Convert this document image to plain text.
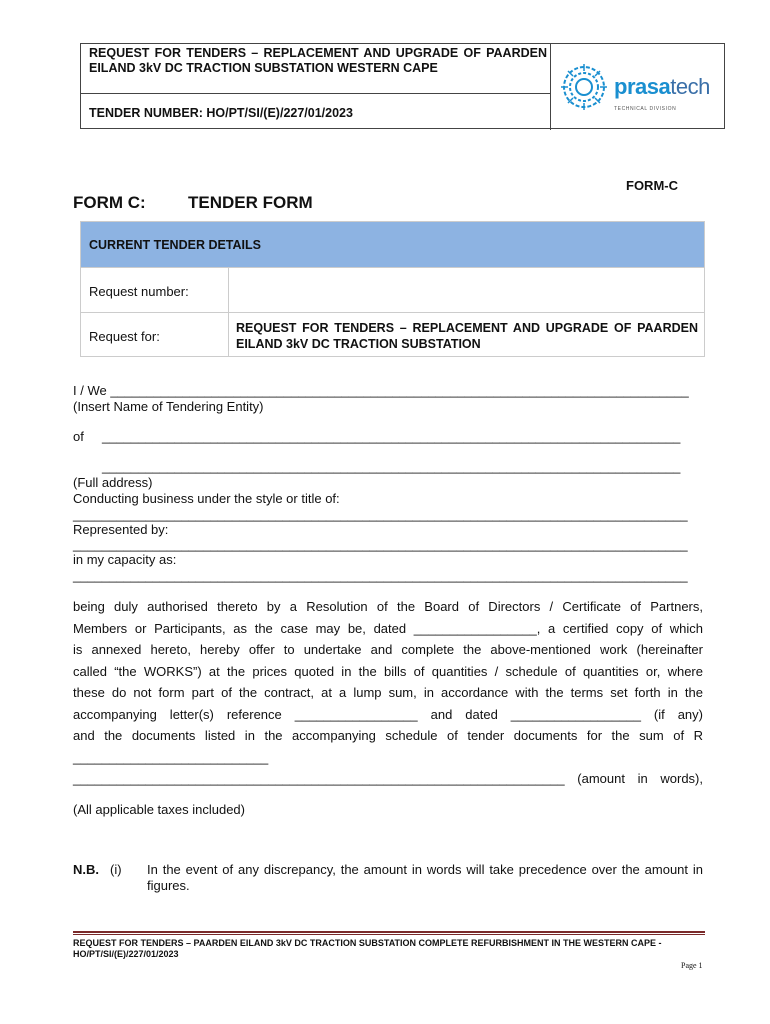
REQUEST FOR TENDERS – REPLACEMENT AND UPGRADE OF PAARDEN EILAND 3kV DC TRACTION SUBSTATION WESTERN CAPE
TENDER NUMBER: HO/PT/SI/(E)/227/01/2023
prasatech
TECHNICAL DIVISION
FORM-C
FORM C: TENDER FORM
CURRENT TENDER DETAILS
Request number:
Request for:
REQUEST FOR TENDERS – REPLACEMENT AND UPGRADE OF PAARDEN EILAND 3kV DC TRACTION SUBSTATION
I / We ________________________________________________________________________________
(Insert Name of Tendering Entity)
of ________________________________________________________________________________
________________________________________________________________________________
(Full address)
Conducting business under the style or title of:
_____________________________________________________________________________________
Represented by:
_____________________________________________________________________________________
in my capacity as:
_____________________________________________________________________________________

being duly authorised thereto by a Resolution of the Board of Directors / Certificate of Partners,

Members or Participants, as the case may be, dated _________________, a certified copy of which

is annexed hereto, hereby offer to undertake and complete the above-mentioned work (hereinafter

called “the WORKS”) at the prices quoted in the bills of quantities / schedule of quantities or, where

these do not form part of the contract, at a lump sum, in accordance with the terms set forth in the

accompanying letter(s) reference _________________ and dated __________________ (if any)

and the documents listed in the accompanying schedule of tender documents for the sum of R

___________________________

____________________________________________________________________ (amount in words),

(All applicable taxes included)
N.B. (i) In the event of any discrepancy, the amount in words will take precedence over the amount in figures.
REQUEST FOR TENDERS – PAARDEN EILAND 3kV DC TRACTION SUBSTATION COMPLETE REFURBISHMENT IN THE WESTERN CAPE - HO/PT/SI/(E)/227/01/2023
Page 1
